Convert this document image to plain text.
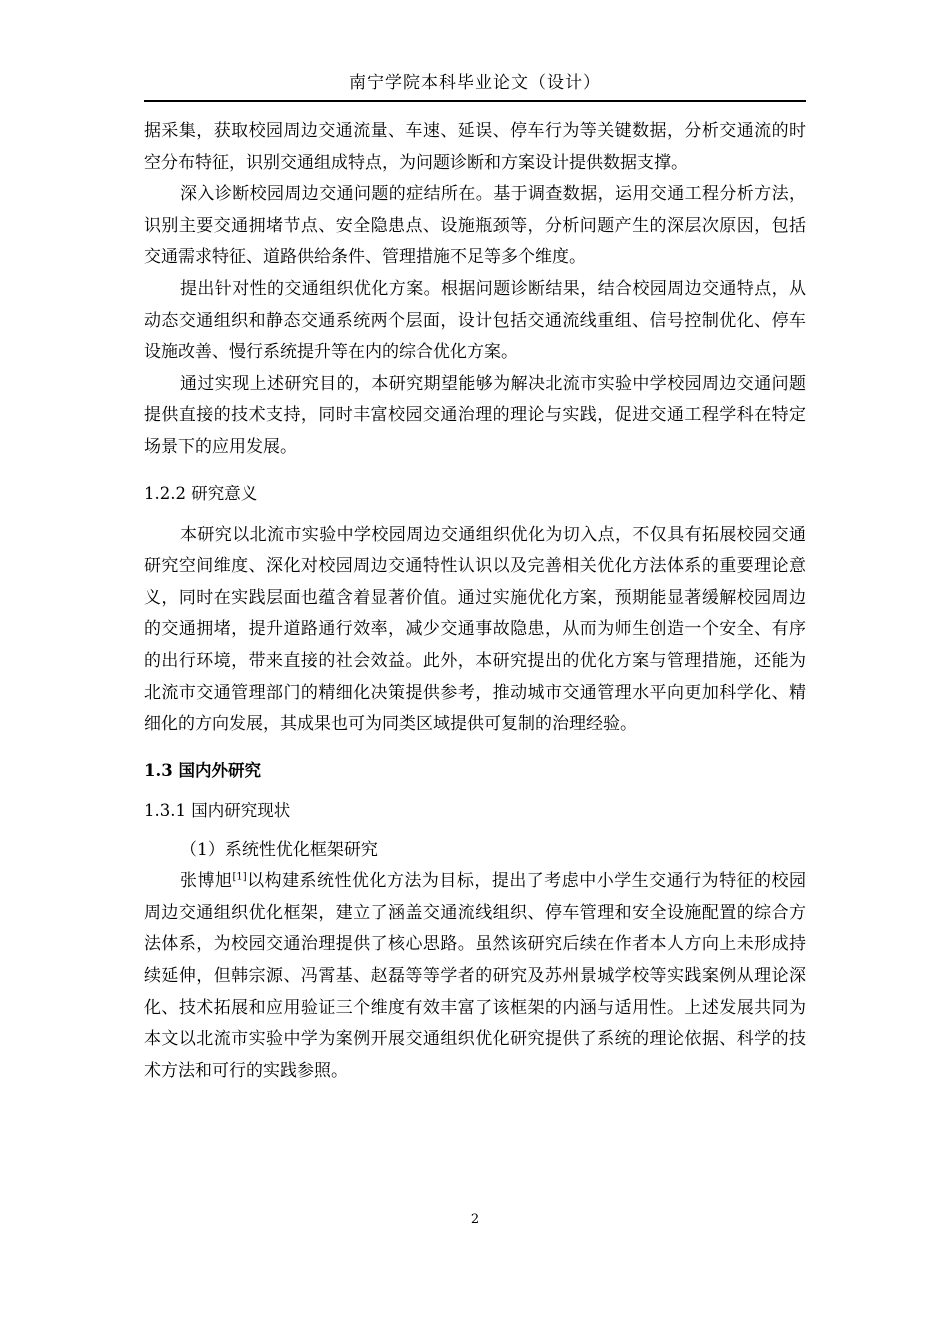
南宁学院本科毕业论文（设计）

据采集，获取校园周边交通流量、车速、延误、停车行为等关键数据，分析交通流的时空分布特征，识别交通组成特点，为问题诊断和方案设计提供数据支撑。

深入诊断校园周边交通问题的症结所在。基于调查数据，运用交通工程分析方法，识别主要交通拥堵节点、安全隐患点、设施瓶颈等，分析问题产生的深层次原因，包括交通需求特征、道路供给条件、管理措施不足等多个维度。

提出针对性的交通组织优化方案。根据问题诊断结果，结合校园周边交通特点，从动态交通组织和静态交通系统两个层面，设计包括交通流线重组、信号控制优化、停车设施改善、慢行系统提升等在内的综合优化方案。

通过实现上述研究目的，本研究期望能够为解决北流市实验中学校园周边交通问题提供直接的技术支持，同时丰富校园交通治理的理论与实践，促进交通工程学科在特定场景下的应用发展。

1.2.2 研究意义

本研究以北流市实验中学校园周边交通组织优化为切入点，不仅具有拓展校园交通研究空间维度、深化对校园周边交通特性认识以及完善相关优化方法体系的重要理论意义，同时在实践层面也蕴含着显著价值。通过实施优化方案，预期能显著缓解校园周边的交通拥堵，提升道路通行效率，减少交通事故隐患，从而为师生创造一个安全、有序的出行环境，带来直接的社会效益。此外，本研究提出的优化方案与管理措施，还能为北流市交通管理部门的精细化决策提供参考，推动城市交通管理水平向更加科学化、精细化的方向发展，其成果也可为同类区域提供可复制的治理经验。

1.3 国内外研究
1.3.1 国内研究现状

（1）系统性优化框架研究

张博旭[1]以构建系统性优化方法为目标，提出了考虑中小学生交通行为特征的校园周边交通组织优化框架，建立了涵盖交通流线组织、停车管理和安全设施配置的综合方法体系，为校园交通治理提供了核心思路。虽然该研究后续在作者本人方向上未形成持续延伸，但韩宗源、冯霄基、赵磊等等学者的研究及苏州景城学校等实践案例从理论深化、技术拓展和应用验证三个维度有效丰富了该框架的内涵与适用性。上述发展共同为本文以北流市实验中学为案例开展交通组织优化研究提供了系统的理论依据、科学的技术方法和可行的实践参照。

2
